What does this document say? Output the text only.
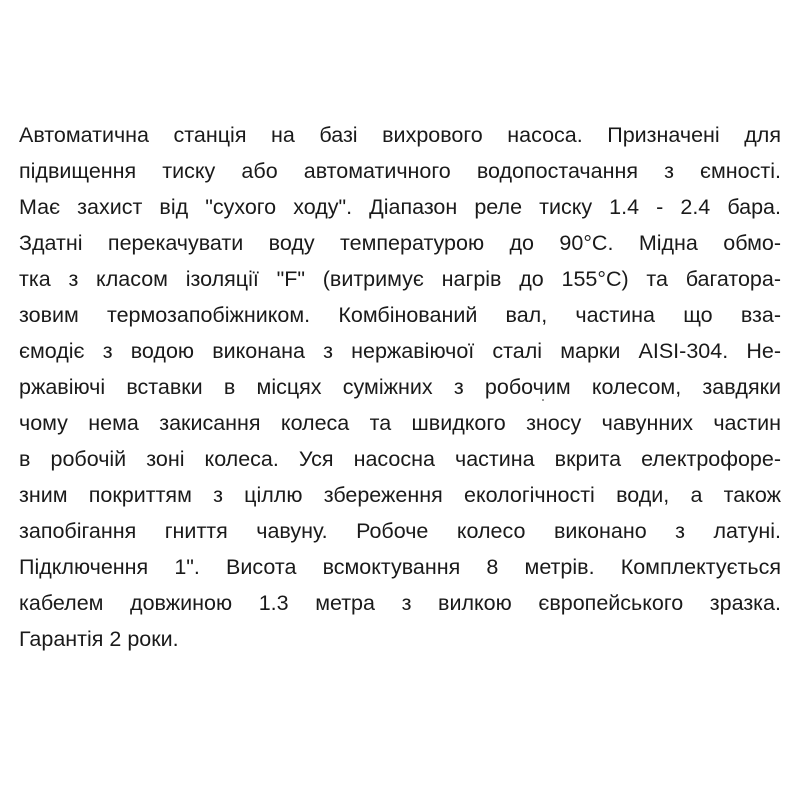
Автоматична станція на базі вихрового насоса. Призначені для
підвищення тиску або автоматичного водопостачання з ємності.
Має захист від "сухого ходу". Діапазон реле тиску 1.4 - 2.4 бара.
Здатні перекачувати воду температурою до 90°C. Мідна обмо-
тка з класом ізоляції "F" (витримує нагрів до 155°C) та багатора-
зовим термозапобіжником. Комбінований вал, частина що вза-
ємодіє з водою виконана з нержавіючої сталі марки AISI-304. Не-
ржавіючі вставки в місцях суміжних з робочим колесом, завдяки
чому нема закисання колеса та швидкого зносу чавунних частин
в робочій зоні колеса. Уся насосна частина вкрита електрофоре-
зним покриттям з ціллю збереження екологічності води, а також
запобігання гниття чавуну. Робоче колесо виконано з латуні.
Підключення 1". Висота всмоктування 8 метрів. Комплектується
кабелем довжиною 1.3 метра з вилкою європейського зразка.
Гарантія 2 роки.
